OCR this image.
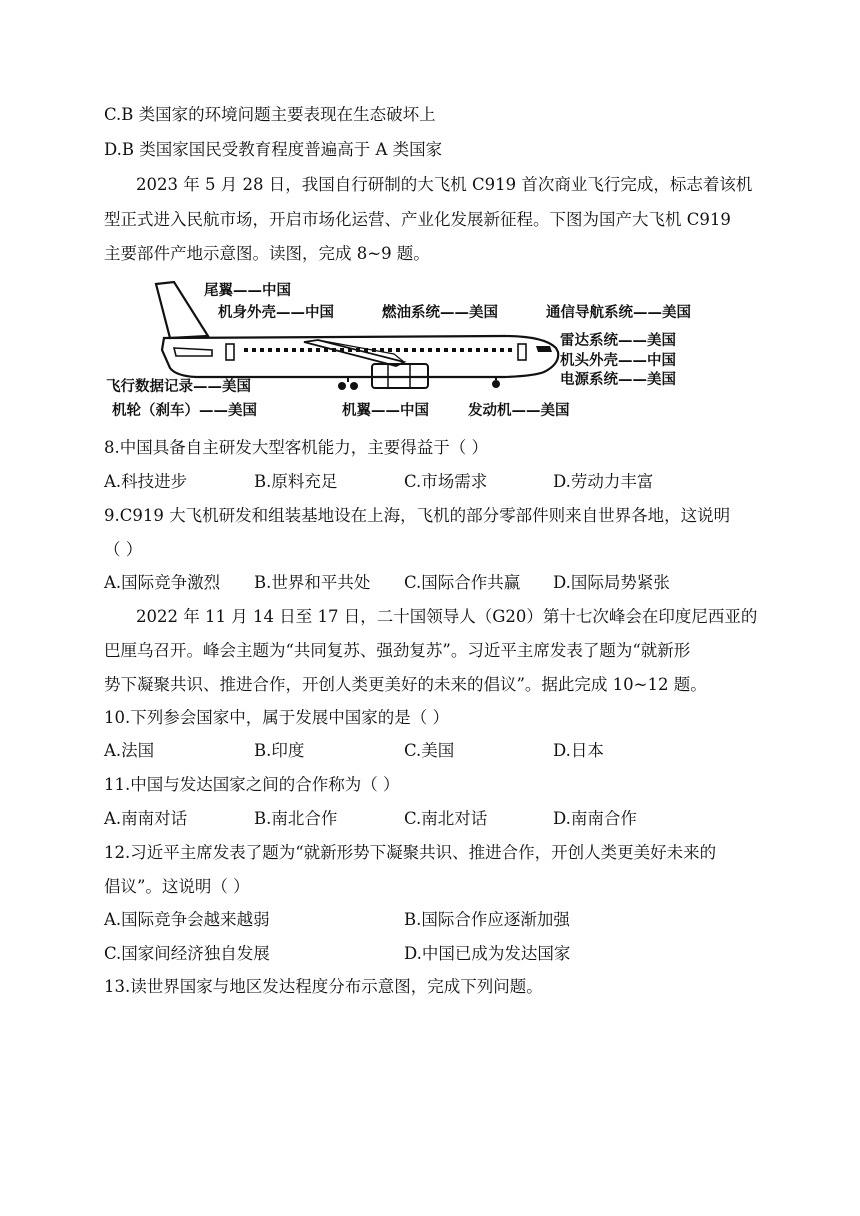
C.B 类国家的环境问题主要表现在生态破坏上
D.B 类国家国民受教育程度普遍高于 A 类国家
2023 年 5 月 28 日，我国自行研制的大飞机 C919 首次商业飞行完成，标志着该机
型正式进入民航市场，开启市场化运营、产业化发展新征程。下图为国产大飞机 C919
主要部件产地示意图。读图，完成 8~9 题。
尾翼——中国
机身外壳——中国	燃油系统——美国	通信导航系统——美国
雷达系统——美国
机头外壳——中国
电源系统——美国
飞行数据记录——美国
机轮（刹车）——美国	机翼——中国	发动机——美国
8.中国具备自主研发大型客机能力，主要得益于（ ）
A.科技进步	B.原料充足	C.市场需求	D.劳动力丰富
9.C919 大飞机研发和组装基地设在上海，飞机的部分零部件则来自世界各地，这说明
（ ）
A.国际竞争激烈 B.世界和平共处 C.国际合作共赢 D.国际局势紧张
2022 年 11 月 14 日至 17 日，二十国领导人（G20）第十七次峰会在印度尼西亚的
巴厘乌召开。峰会主题为“共同复苏、强劲复苏”。习近平主席发表了题为“就新形
势下凝聚共识、推进合作，开创人类更美好的未来的倡议”。据此完成 10~12 题。
10.下列参会国家中，属于发展中国家的是（ ）
A.法国	B.印度	C.美国	D.日本
11.中国与发达国家之间的合作称为（ ）
A.南南对话	B.南北合作	C.南北对话	D.南南合作
12.习近平主席发表了题为“就新形势下凝聚共识、推进合作，开创人类更美好未来的
倡议”。这说明（ ）
A.国际竞争会越来越弱	B.国际合作应逐渐加强
C.国家间经济独自发展	D.中国已成为发达国家
13.读世界国家与地区发达程度分布示意图，完成下列问题。
